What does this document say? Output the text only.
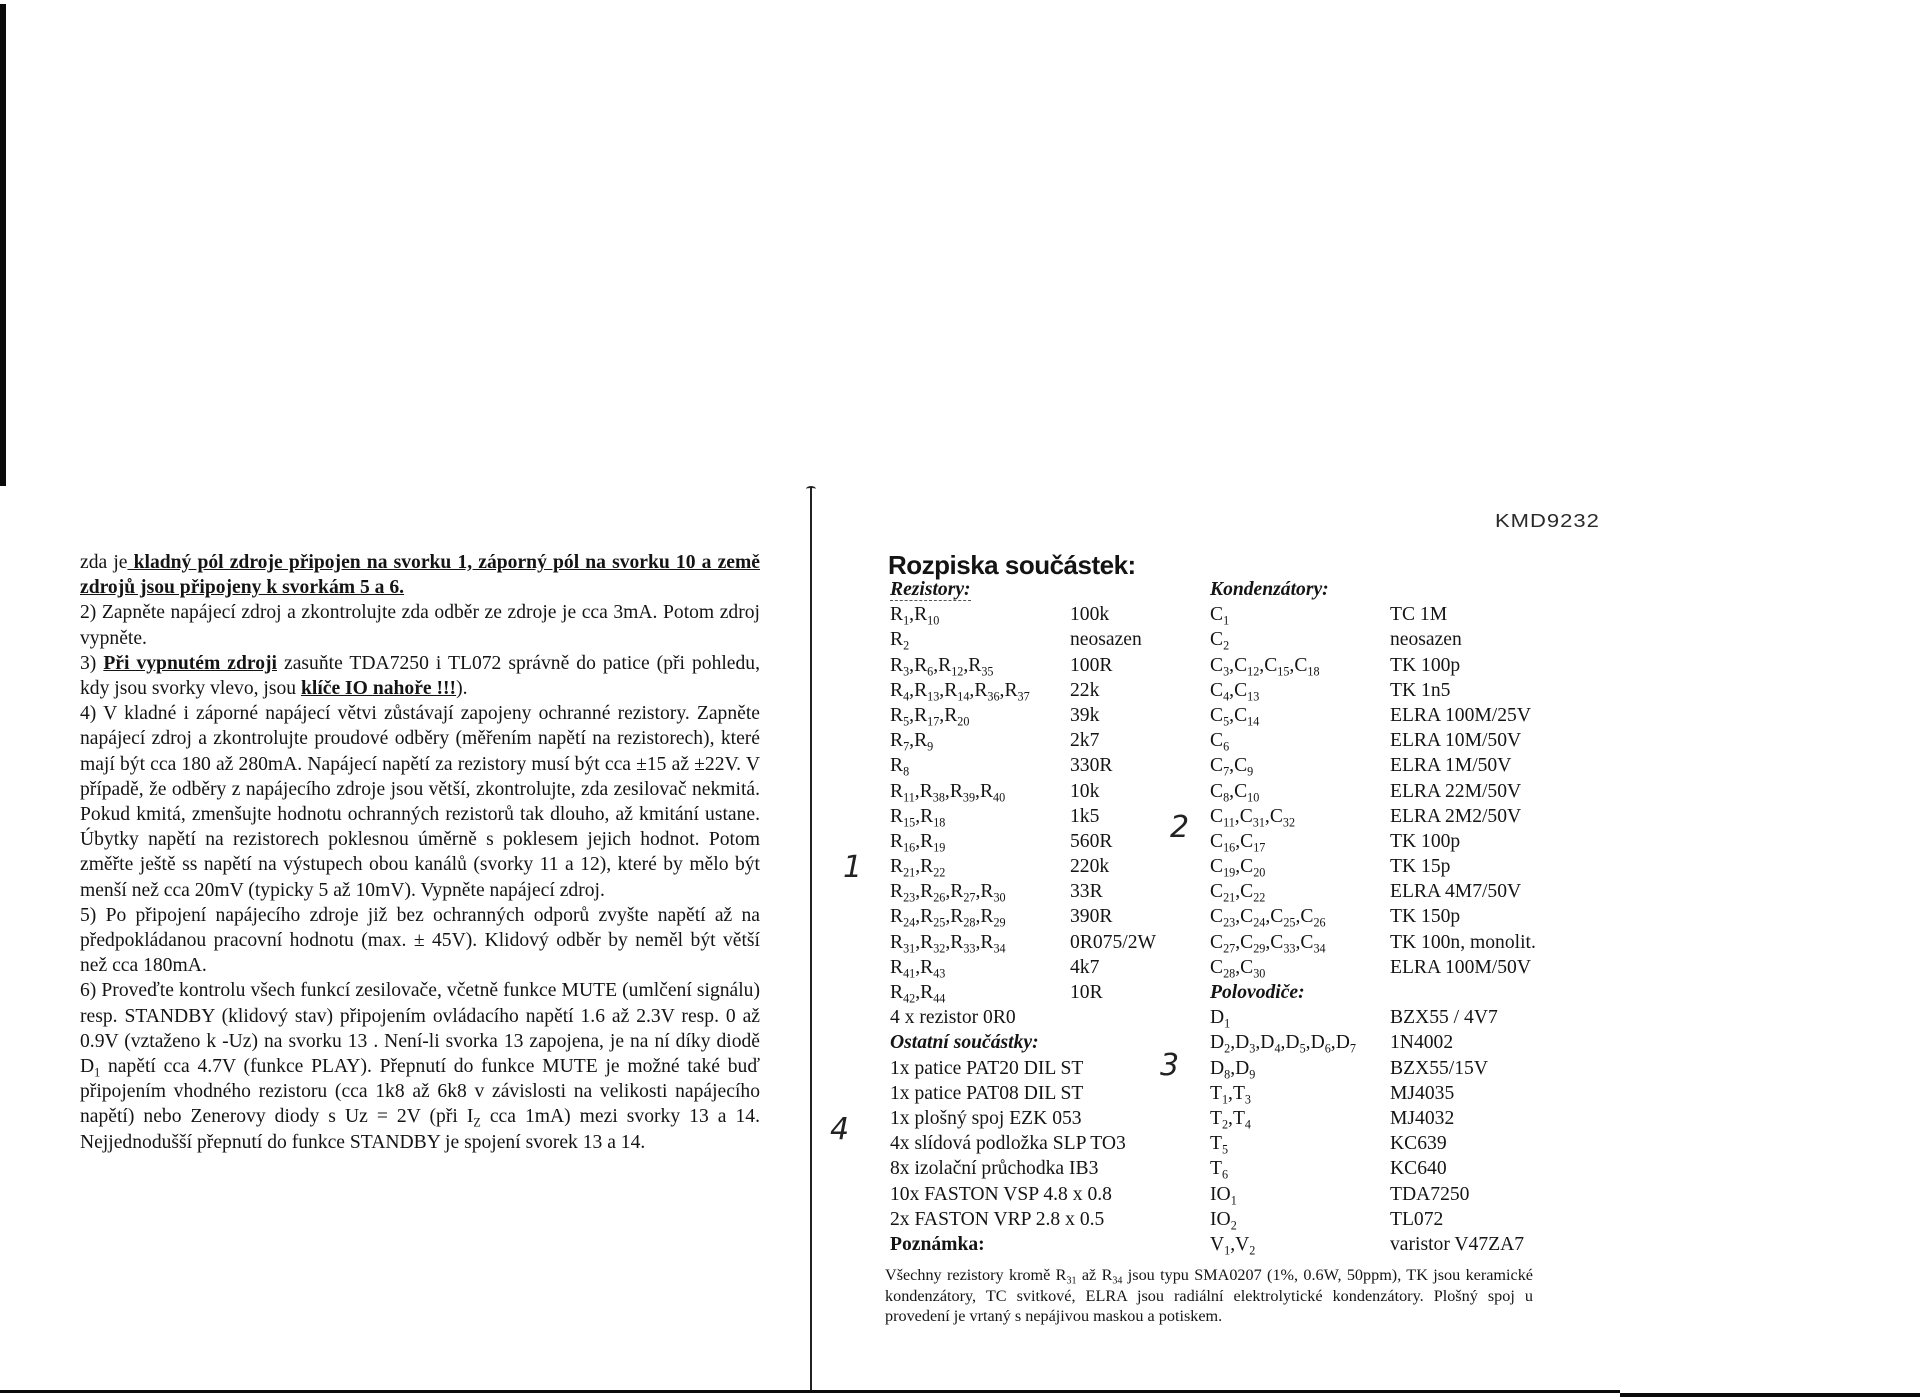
zda je kladný pól zdroje připojen na svorku 1, záporný pól na svorku 10 a země zdrojů jsou připojeny k svorkám 5 a 6.

2) Zapněte napájecí zdroj a zkontrolujte zda odběr ze zdroje je cca 3mA. Potom zdroj vypněte.

3) Při vypnutém zdroji zasuňte TDA7250 i TL072 správně do patice (při pohledu, kdy jsou svorky vlevo, jsou klíče IO nahoře !!!).

4) V kladné i záporné napájecí větvi zůstávají zapojeny ochranné rezistory. Zapněte napájecí zdroj a zkontrolujte proudové odběry (měřením napětí na rezistorech), které mají být cca 180 až 280mA. Napájecí napětí za rezistory musí být cca ±15 až ±22V. V případě, že odběry z napájecího zdroje jsou větší, zkontrolujte, zda zesilovač nekmitá. Pokud kmitá, zmenšujte hodnotu ochranných rezistorů tak dlouho, až kmitání ustane. Úbytky napětí na rezistorech poklesnou úměrně s poklesem jejich hodnot. Potom změřte ještě ss napětí na výstupech obou kanálů (svorky 11 a 12), které by mělo být menší než cca 20mV (typicky 5 až 10mV). Vypněte napájecí zdroj.

5) Po připojení napájecího zdroje již bez ochranných odporů zvyšte napětí až na předpokládanou pracovní hodnotu (max. ± 45V). Klidový odběr by neměl být větší než cca 180mA.

6) Proveďte kontrolu všech funkcí zesilovače, včetně funkce MUTE (umlčení signálu) resp. STANDBY (klidový stav) připojením ovládacího napětí 1.6 až 2.3V resp. 0 až 0.9V (vztaženo k -Uz) na svorku 13 . Není-li svorka 13 zapojena, je na ní díky diodě $D_1$ napětí cca 4.7V (funkce PLAY). Přepnutí do funkce MUTE je možné také buď připojením vhodného rezistoru (cca 1k8 až 6k8 v závislosti na velikosti napájecího napětí) nebo Zenerovy diody s Uz = 2V (při $I_Z$ cca 1mA) mezi svorky 13 a 14. Nejjednodušší přepnutí do funkce STANDBY je spojení svorek 13 a 14.

KMD9232
Rozpiska součástek:
Rezistory:
$R_1,R_{10}$
$R_2$
$R_3,R_6,R_{12},R_{35}$
$R_4,R_{13},R_{14},R_{36},R_{37}$
$R_5,R_{17},R_{20}$
$R_7,R_9$
$R_8$
$R_{11},R_{38},R_{39},R_{40}$
$R_{15},R_{18}$
$R_{16},R_{19}$
$R_{21},R_{22}$
$R_{23},R_{26},R_{27},R_{30}$
$R_{24},R_{25},R_{28},R_{29}$
$R_{31},R_{32},R_{33},R_{34}$
$R_{41},R_{43}$
$R_{42},R_{44}$
4 x rezistor 0R0
Ostatní součástky:
1x patice PAT20 DIL ST
1x patice PAT08 DIL ST
1x plošný spoj EZK 053
4x slídová podložka SLP TO3
8x izolační průchodka IB3
10x FASTON VSP 4.8 x 0.8
2x FASTON VRP 2.8 x 0.5
Poznámka:
100k
neosazen
100R
22k
39k
2k7
330R
10k
1k5
560R
220k
33R
390R
0R075/2W
4k7
10R
Kondenzátory:
$C_1$
$C_2$
$C_3,C_{12},C_{15},C_{18}$
$C_4,C_{13}$
$C_5,C_{14}$
$C_6$
$C_7,C_9$
$C_8,C_{10}$
$C_{11},C_{31},C_{32}$
$C_{16},C_{17}$
$C_{19},C_{20}$
$C_{21},C_{22}$
$C_{23},C_{24},C_{25},C_{26}$
$C_{27},C_{29},C_{33},C_{34}$
$C_{28},C_{30}$
Polovodiče:
$D_1$
$D_2,D_3,D_4,D_5,D_6,D_7$
$D_8,D_9$
$T_1,T_3$
$T_2,T_4$
$T_5$
$T_6$
$IO_1$
$IO_2$
$V_1,V_2$
TC 1M
neosazen
TK 100p
TK 1n5
ELRA 100M/25V
ELRA 10M/50V
ELRA 1M/50V
ELRA 22M/50V
ELRA 2M2/50V
TK 100p
TK 15p
ELRA 4M7/50V
TK 150p
TK 100n, monolit.
ELRA 100M/50V
BZX55 / 4V7
1N4002
BZX55/15V
MJ4035
MJ4032
KC639
KC640
TDA7250
TL072
varistor V47ZA7

Všechny rezistory kromě $R_{31}$ až $R_{34}$ jsou typu SMA0207 (1%, 0.6W, 50ppm), TK jsou keramické kondenzátory, TC svitkové, ELRA jsou radiální elektrolytické kondenzátory. Plošný spoj u provedení je vrtaný s nepájivou maskou a potiskem.

1
2
3
4
